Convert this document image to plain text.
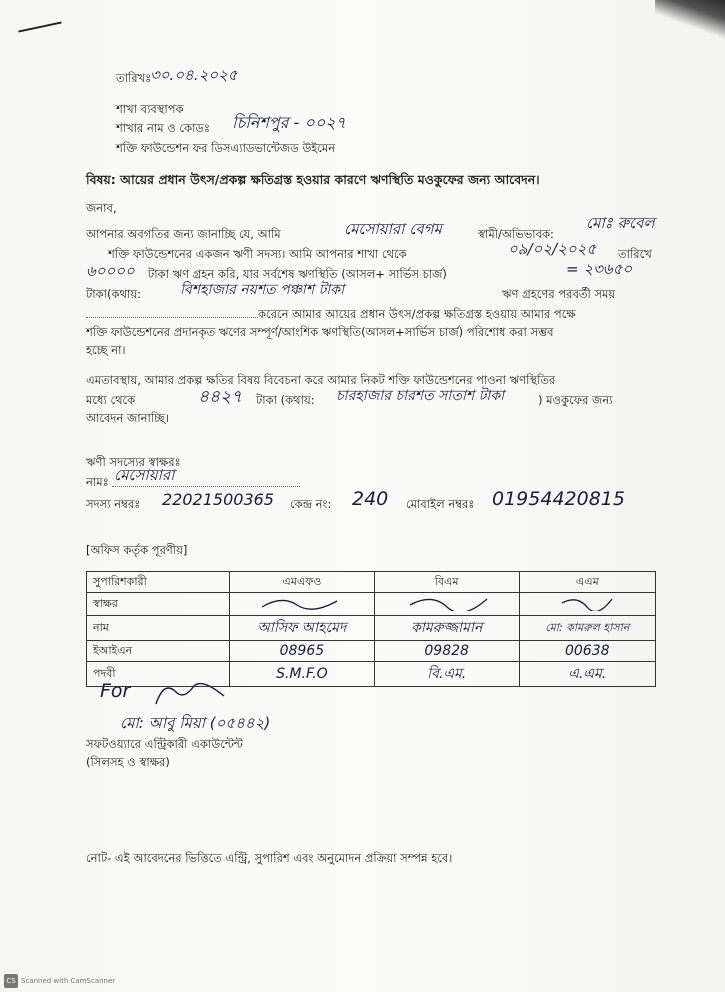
তারিখঃ
৩০.০৪.২০২৫
শাখা ব্যবস্থাপক
শাখার নাম ও কোডঃ চিনিশপুর - ০০২৭
শক্তি ফাউন্ডেশন ফর ডিসএ্যাডভান্টেজড উইমেন
বিষয়: আয়ের প্রধান উৎস/প্রকল্প ক্ষতিগ্রস্ত হওয়ার কারণে ঋণস্থিতি মওকুফের জন্য আবেদন।
জনাব,
আপনার অবগতির জন্য জানাচ্ছি যে, আমি	মেসোয়ারা বেগম	স্বামী/অভিভাবক:
মোঃ রুবেল
শক্তি ফাউন্ডেশনের একজন ঋণী সদস্য। আমি আপনার শাখা থেকে	০৯/০২/২০২৫ তারিখে
৬০০০০ টাকা ঋণ গ্রহন করি, যার সর্বশেষ ঋণস্থিতি (আসল+ সার্ভিস চার্জ)	= ২৩৬৫০
টাকা(কথায়:	বিশহাজার নয়শত পঞ্চাশ টাকা	ঋণ গ্রহণের পরবর্তী সময়
করেনে আমার আয়ের প্রধান উৎস/প্রকল্প ক্ষতিগ্রস্ত হওয়ায় আমার পক্ষে
শক্তি ফাউন্ডেশনের প্রদানকৃত ঋণের সম্পূর্ণ/আংশিক ঋণস্থিতি(আসল+সার্ভিস চার্জ) পরিশোধ করা সম্ভব
হচ্ছে না।
এমতাবস্থায়, আমার প্রকল্প ক্ষতির বিষয় বিবেচনা করে আমার নিকট শক্তি ফাউন্ডেশনের পাওনা ঋণস্থিতির
মধ্যে থেকে	৪৪২৭ টাকা (কথায়: চারহাজার চারশত সাতাশ টাকা	) মওকুফের জন্য
আবেদন জানাচ্ছি।
ঋণী সদস্যের স্বাক্ষরঃ
নামঃ মেসোয়ারা
সদস্য নম্বরঃ 22021500365 কেন্দ্র নং: 240 মোবাইল নম্বরঃ 01954420815
[অফিস কর্তৃক পূরণীয়]
সুপারিশকারী	এমএফও	বিএম	এএম
স্বাক্ষর			
নাম	আসিফ আহমেদ	কামরুজ্জামান	মো: কামরুল হাসান
ইআইএন	08965	09828	00638
পদবী	S.M.F.O	বি.এম.	এ.এম.
For
মো: আবু মিয়া (০৫৪৪২)
সফটওয়্যারে এন্ট্রিকারী একাউন্টেন্ট
(সিলসহ ও স্বাক্ষর)
নোট- এই আবেদনের ভিত্তিতে এন্ট্রি, সুপারিশ এবং অনুমোদন প্রক্রিয়া সম্পন্ন হবে।
CS Scanned with CamScanner
